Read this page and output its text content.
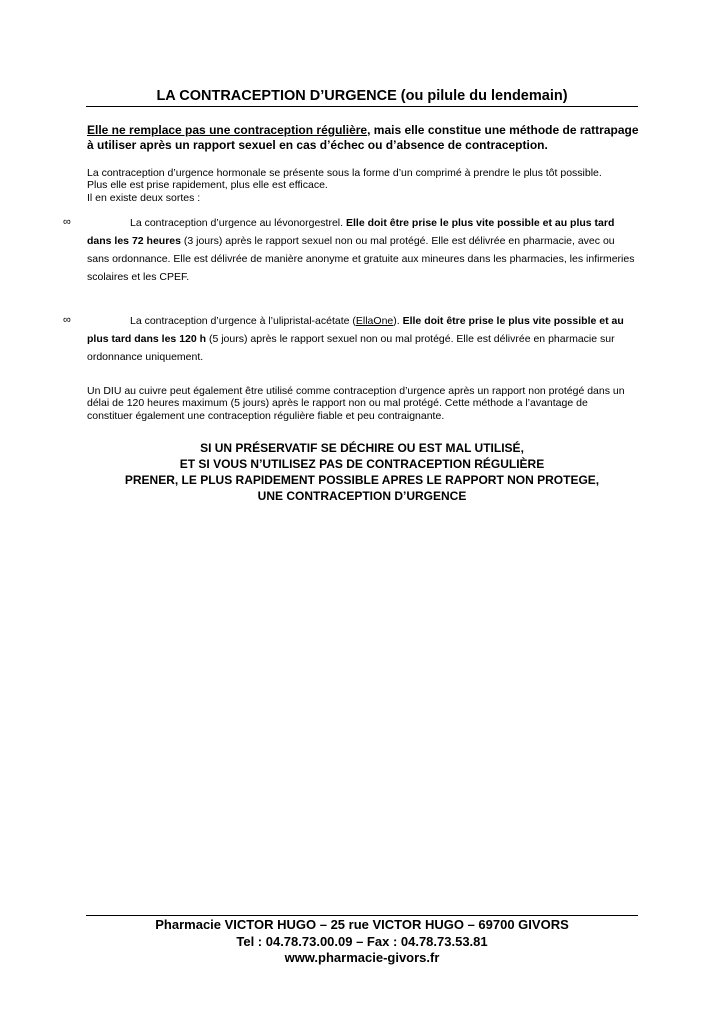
LA CONTRACEPTION D’URGENCE (ou pilule du lendemain)
Elle ne remplace pas une contraception régulière, mais elle constitue une méthode de rattrapage à utiliser après un rapport sexuel en cas d’échec ou d’absence de contraception.
La contraception d’urgence hormonale se présente sous la forme d’un comprimé à prendre le plus tôt possible.
Plus elle est prise rapidement, plus elle est efficace.
Il en existe deux sortes :
∞	La contraception d’urgence au lévonorgestrel. Elle doit être prise le plus vite possible et au plus tard dans les 72 heures (3 jours) après le rapport sexuel non ou mal protégé. Elle est délivrée en pharmacie, avec ou sans ordonnance. Elle est délivrée de manière anonyme et gratuite aux mineures dans les pharmacies, les infirmeries scolaires et les CPEF.
∞	La contraception d’urgence à l’ulipristal-acétate (EllaOne). Elle doit être prise le plus vite possible et au plus tard dans les 120 h (5 jours) après le rapport sexuel non ou mal protégé. Elle est délivrée en pharmacie sur ordonnance uniquement.
Un DIU au cuivre peut également être utilisé comme contraception d’urgence après un rapport non protégé dans un délai de 120 heures maximum (5 jours) après le rapport non ou mal protégé. Cette méthode a l’avantage de constituer également une contraception régulière fiable et peu contraignante.
SI UN PRÉSERVATIF SE DÉCHIRE OU EST MAL UTILISÉ,
ET SI VOUS N’UTILISEZ PAS DE CONTRACEPTION RÉGULIÈRE
PRENER, LE PLUS RAPIDEMENT POSSIBLE APRES LE RAPPORT NON PROTEGE,
UNE CONTRACEPTION D’URGENCE
Pharmacie VICTOR HUGO – 25 rue VICTOR HUGO – 69700 GIVORS
Tel : 04.78.73.00.09 – Fax : 04.78.73.53.81
www.pharmacie-givors.fr
